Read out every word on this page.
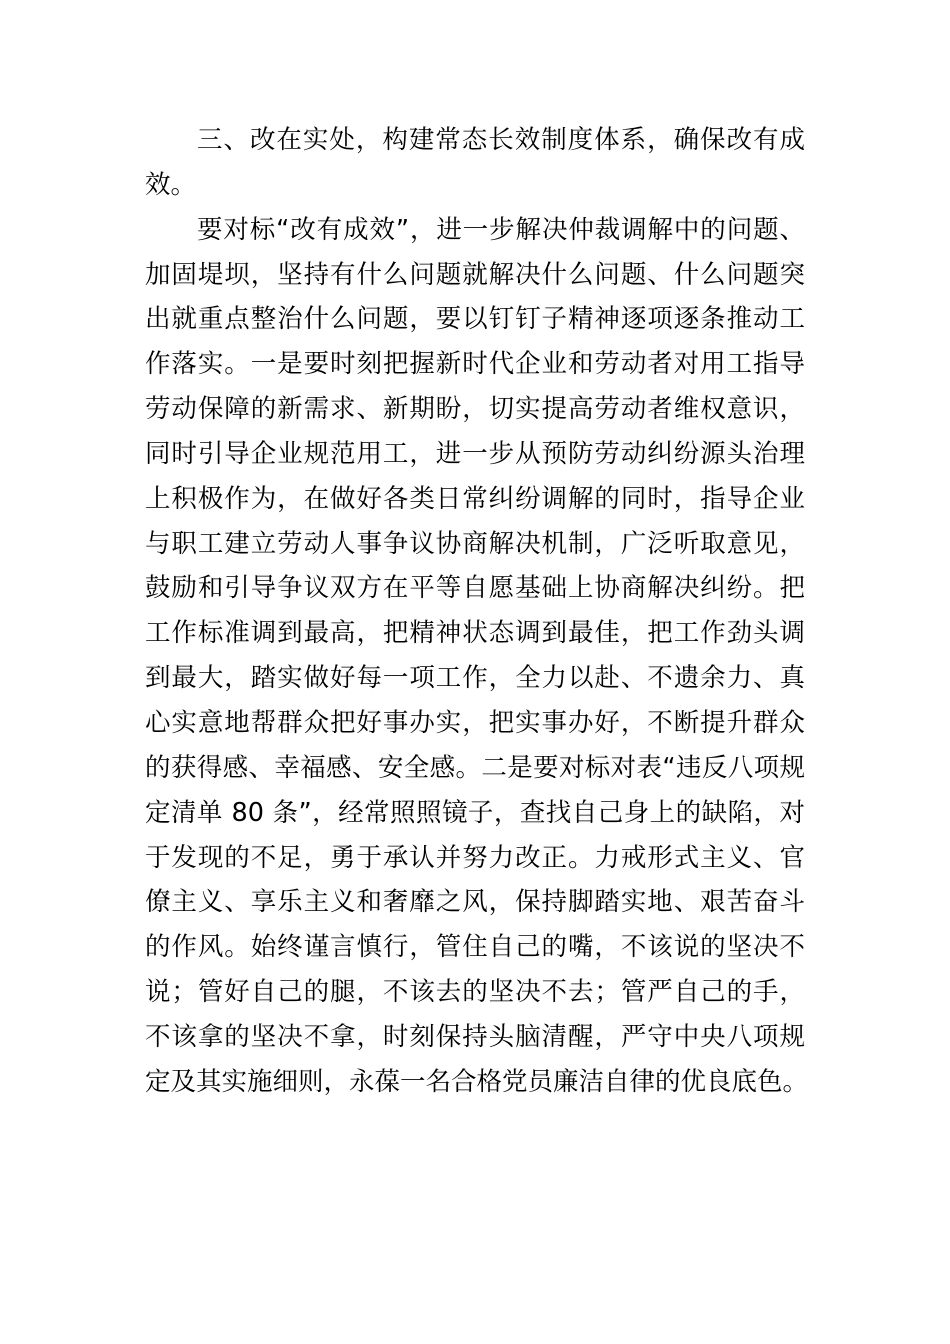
三、改在实处，构建常态长效制度体系，确保改有成
效。
要对标“改有成效”，进一步解决仲裁调解中的问题、
加固堤坝，坚持有什么问题就解决什么问题、什么问题突
出就重点整治什么问题，要以钉钉子精神逐项逐条推动工
作落实。一是要时刻把握新时代企业和劳动者对用工指导
劳动保障的新需求、新期盼，切实提高劳动者维权意识，
同时引导企业规范用工，进一步从预防劳动纠纷源头治理
上积极作为，在做好各类日常纠纷调解的同时，指导企业
与职工建立劳动人事争议协商解决机制，广泛听取意见，
鼓励和引导争议双方在平等自愿基础上协商解决纠纷。把
工作标准调到最高，把精神状态调到最佳，把工作劲头调
到最大，踏实做好每一项工作，全力以赴、不遗余力、真
心实意地帮群众把好事办实，把实事办好，不断提升群众
的获得感、幸福感、安全感。二是要对标对表“违反八项规
定清单 80 条”，经常照照镜子，查找自己身上的缺陷，对
于发现的不足，勇于承认并努力改正。力戒形式主义、官
僚主义、享乐主义和奢靡之风，保持脚踏实地、艰苦奋斗
的作风。始终谨言慎行，管住自己的嘴，不该说的坚决不
说；管好自己的腿，不该去的坚决不去；管严自己的手，
不该拿的坚决不拿，时刻保持头脑清醒，严守中央八项规
定及其实施细则，永葆一名合格党员廉洁自律的优良底色。
